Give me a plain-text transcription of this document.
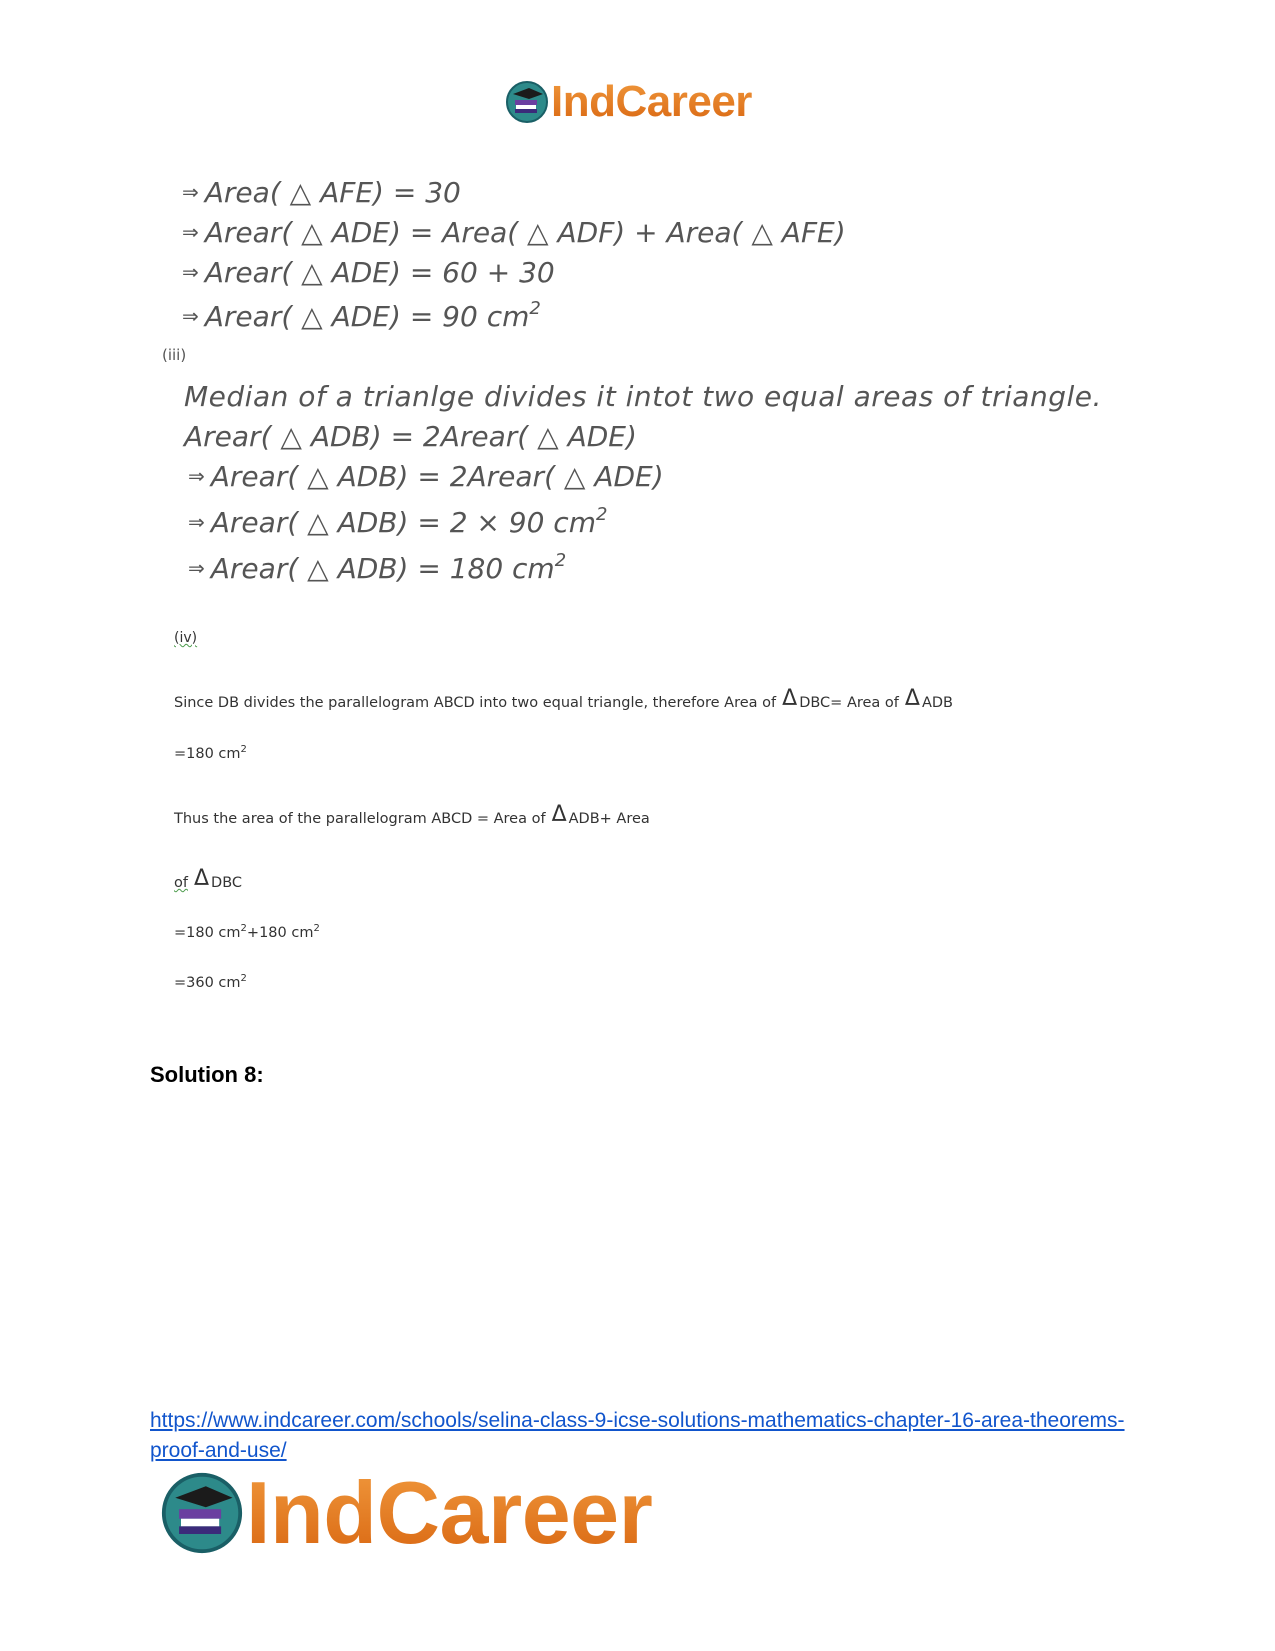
IndCareer
⇒ Area( △ AFE) = 30
⇒ Arear( △ ADE) = Area( △ ADF) + Area( △ AFE)
⇒ Arear( △ ADE) = 60 + 30
⇒ Arear( △ ADE) = 90 $cm^2$
(iii)
Median of a trianlge divides it intot two equal areas of triangle.
Arear( △ ADB) = 2Arear( △ ADE)
⇒ Arear( △ ADB) = 2Arear( △ ADE)
⇒ Arear( △ ADB) = 2 × 90 $cm^2$
⇒ Arear( △ ADB) = 180 $cm^2$
(iv)
Since DB divides the parallelogram ABCD into two equal triangle, therefore Area of Δ DBC= Area of Δ ADB
=180 $cm^2$
Thus the area of the parallelogram ABCD = Area of Δ ADB+ Area
of Δ DBC
=180 $cm^2+180$ $cm^2$
=360 $cm^2$
Solution 8:
https://www.indcareer.com/schools/selina-class-9-icse-solutions-mathematics-chapter-16-area-theorems-proof-and-use/
IndCareer
